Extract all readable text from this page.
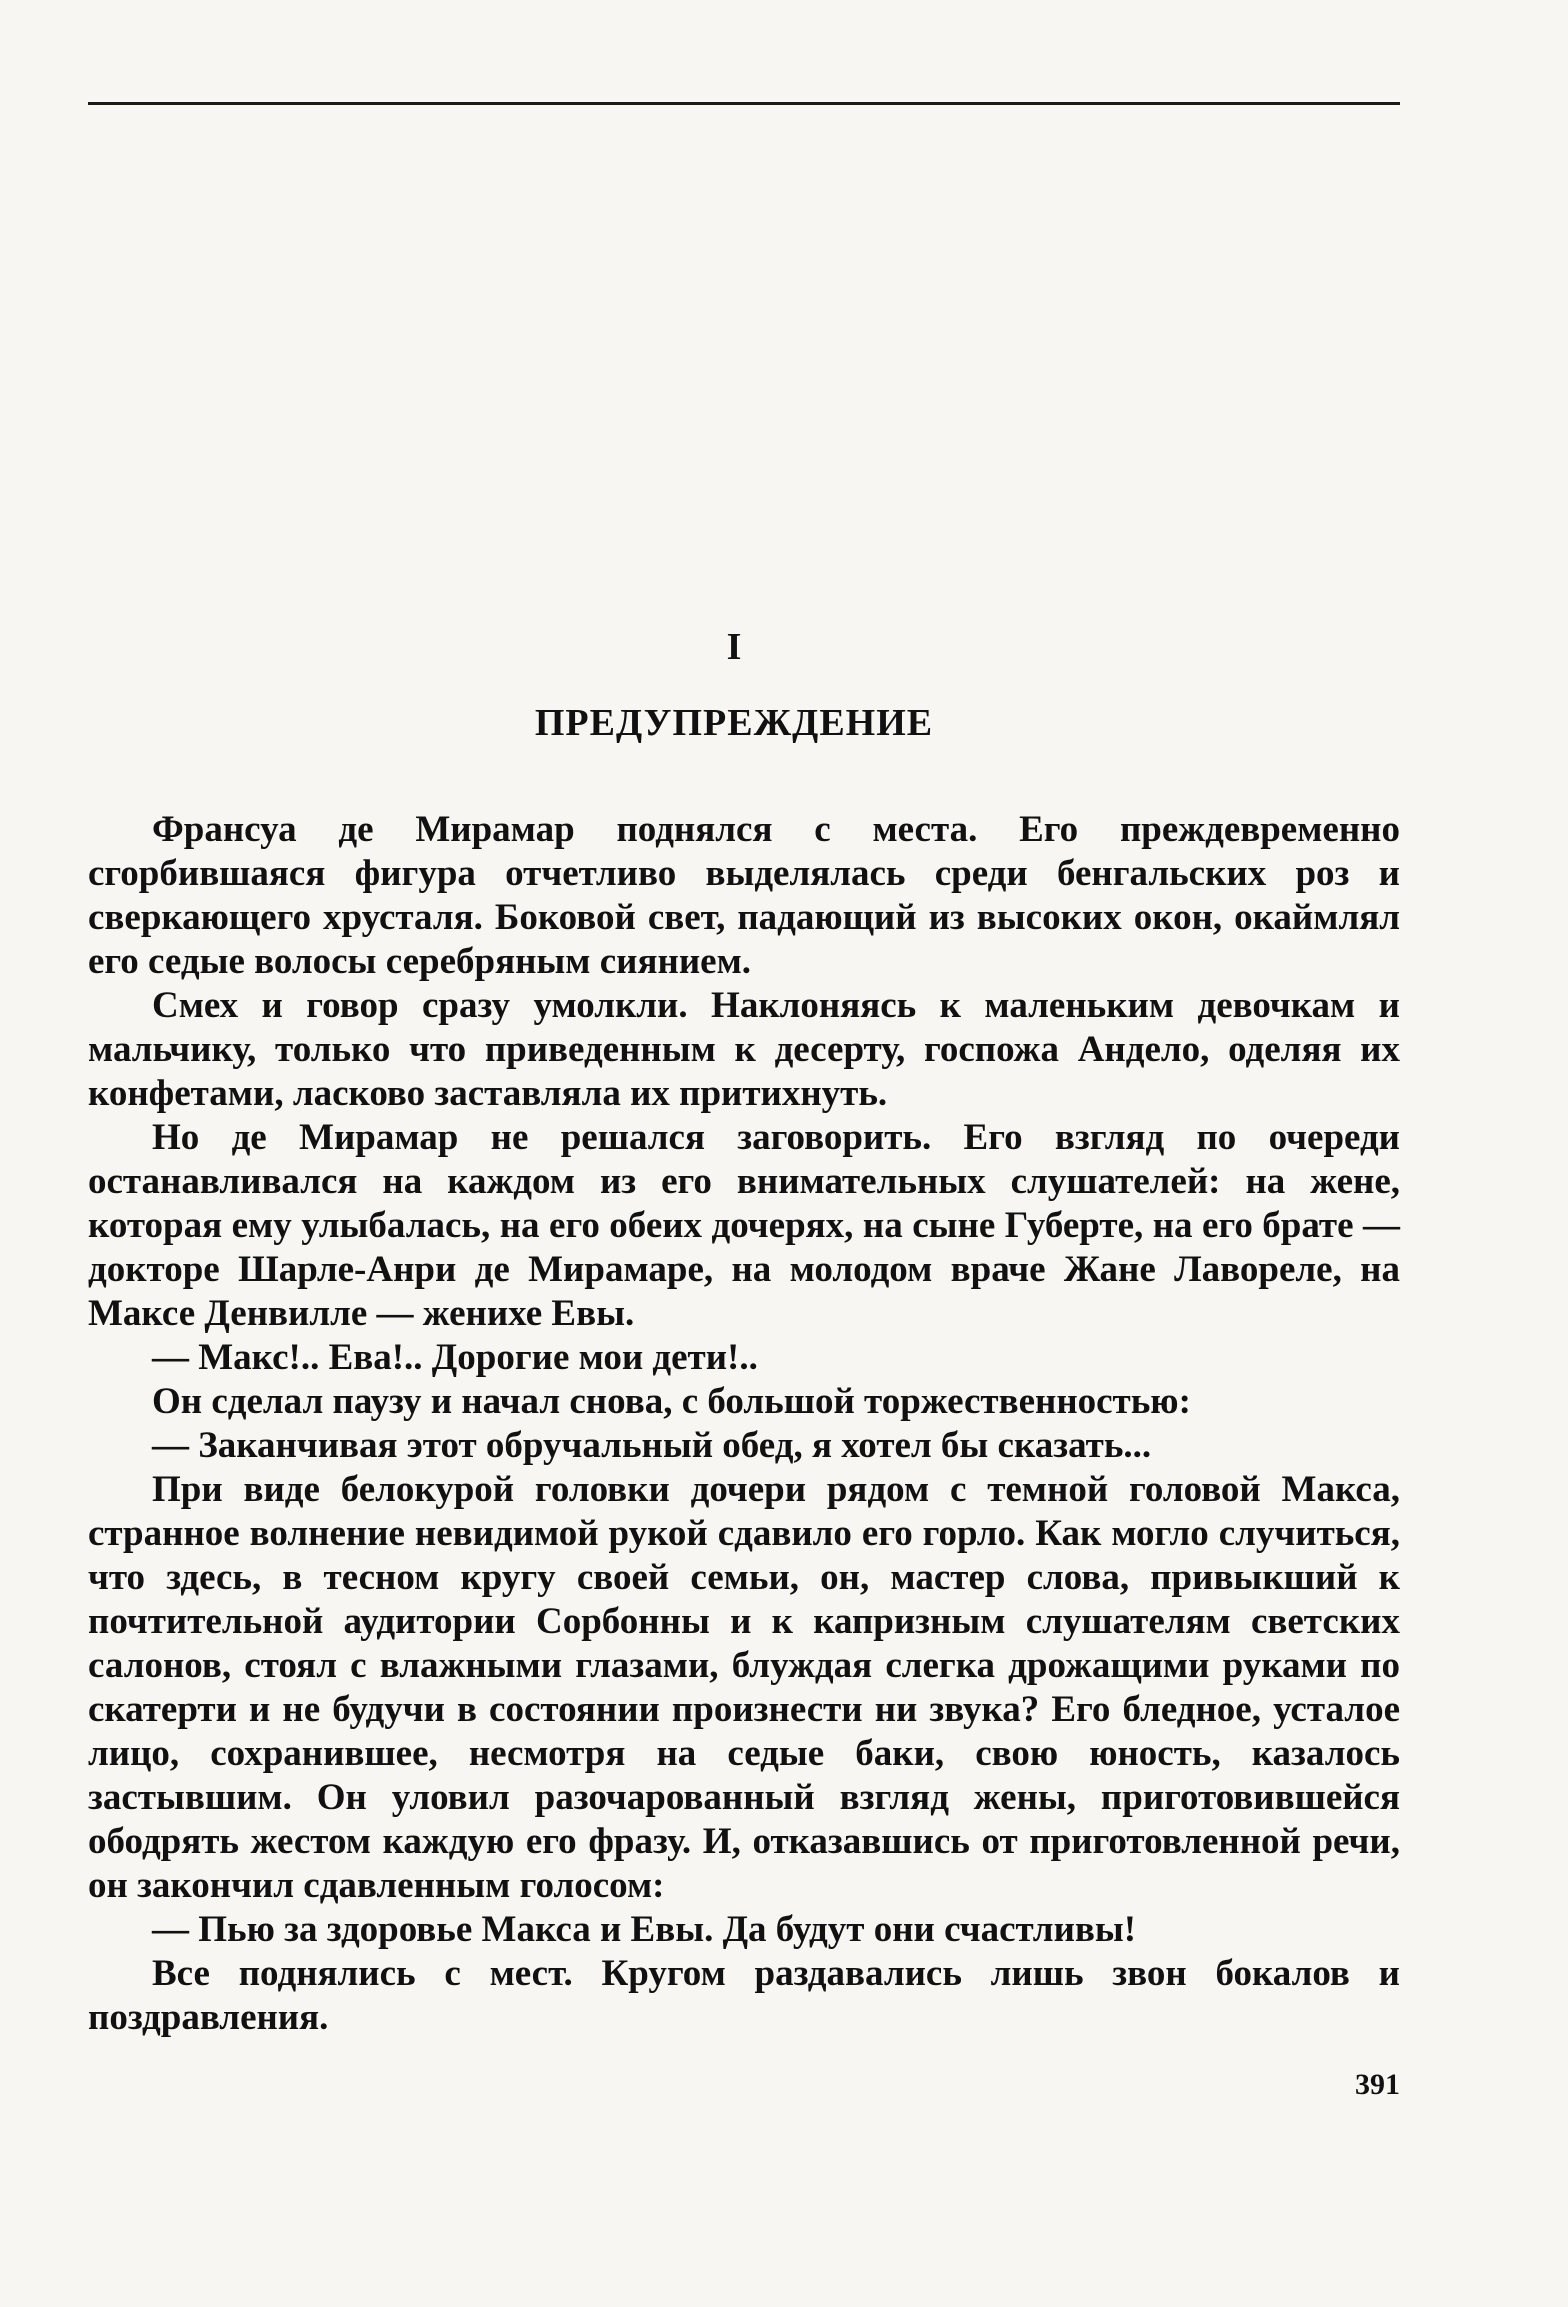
I
ПРЕДУПРЕЖДЕНИЕ

Франсуа де Мирамар поднялся с места. Его преждевременно сгорбившаяся фигура отчетливо выделялась среди бенгальских роз и сверкающего хрусталя. Боковой свет, падающий из высоких окон, окаймлял его седые волосы серебряным сиянием.

Смех и говор сразу умолкли. Наклоняясь к маленьким девочкам и мальчику, только что приведенным к десерту, госпожа Андело, оделяя их конфетами, ласково заставляла их притихнуть.

Но де Мирамар не решался заговорить. Его взгляд по очереди останавливался на каждом из его внимательных слушателей: на жене, которая ему улыбалась, на его обеих дочерях, на сыне Губерте, на его брате — докторе Шарле-Анри де Мирамаре, на молодом враче Жане Лавореле, на Максе Денвилле — женихе Евы.

— Макс!.. Ева!.. Дорогие мои дети!..

Он сделал паузу и начал снова, с большой торжественностью:

— Заканчивая этот обручальный обед, я хотел бы сказать...

При виде белокурой головки дочери рядом с темной головой Макса, странное волнение невидимой рукой сдавило его горло. Как могло случиться, что здесь, в тесном кругу своей семьи, он, мастер слова, привыкший к почтительной аудитории Сорбонны и к капризным слушателям светских салонов, стоял с влажными глазами, блуждая слегка дрожащими руками по скатерти и не будучи в состоянии произнести ни звука? Его бледное, усталое лицо, сохранившее, несмотря на седые баки, свою юность, казалось застывшим. Он уловил разочарованный взгляд жены, приготовившейся ободрять жестом каждую его фразу. И, отказавшись от приготовленной речи, он закончил сдавленным голосом:

— Пью за здоровье Макса и Евы. Да будут они счастливы!

Все поднялись с мест. Кругом раздавались лишь звон бокалов и поздравления.

391
